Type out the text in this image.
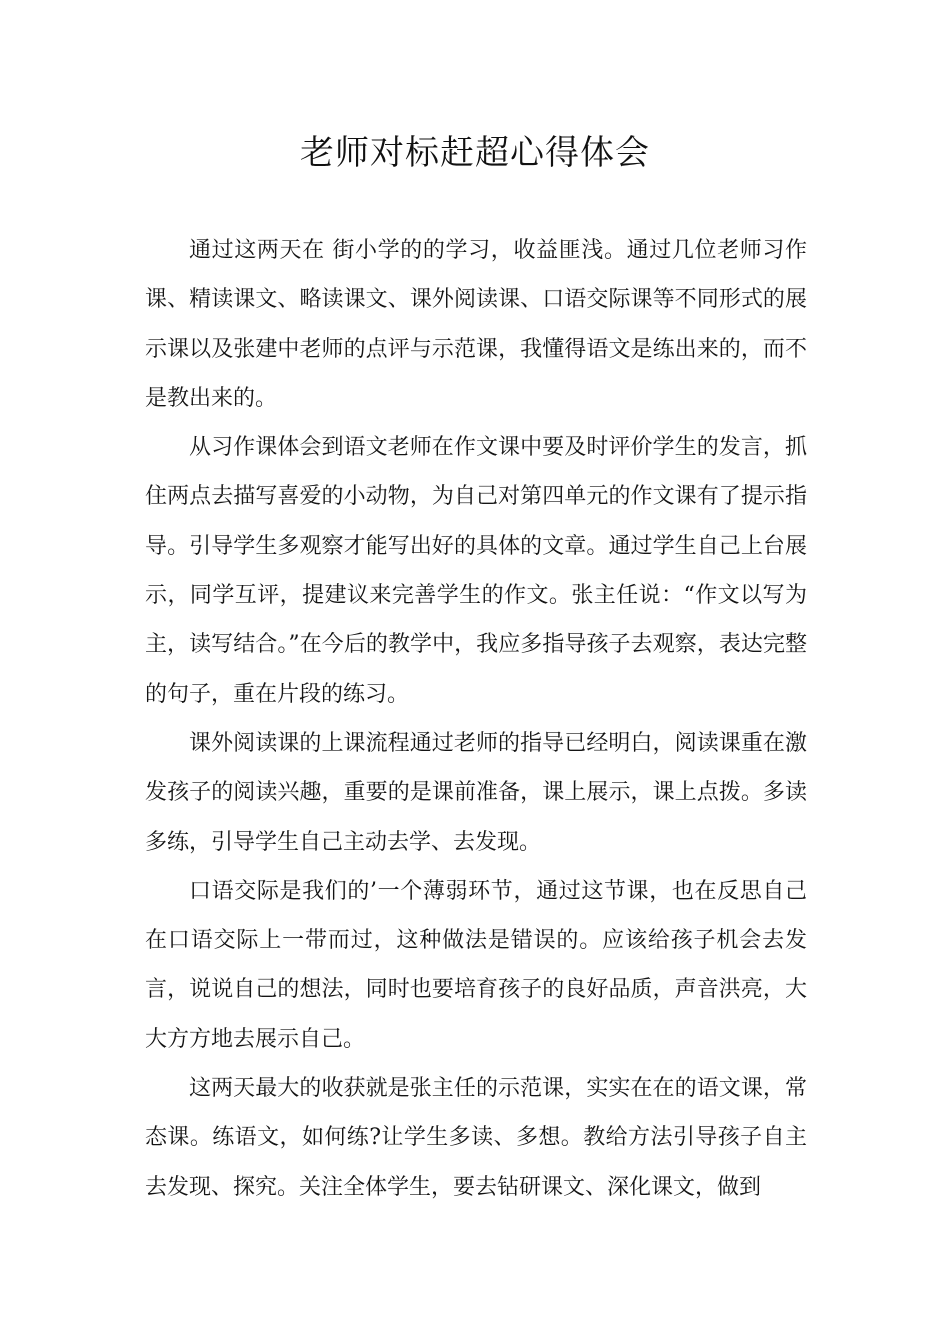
老师对标赶超心得体会

通过这两天在 街小学的的学习，收益匪浅。通过几位老师习作课、精读课文、略读课文、课外阅读课、口语交际课等不同形式的展示课以及张建中老师的点评与示范课，我懂得语文是练出来的，而不是教出来的。

从习作课体会到语文老师在作文课中要及时评价学生的发言，抓住两点去描写喜爱的小动物，为自己对第四单元的作文课有了提示指导。引导学生多观察才能写出好的具体的文章。通过学生自己上台展示，同学互评，提建议来完善学生的作文。张主任说：“作文以写为主，读写结合。”在今后的教学中，我应多指导孩子去观察，表达完整的句子，重在片段的练习。

课外阅读课的上课流程通过老师的指导已经明白，阅读课重在激发孩子的阅读兴趣，重要的是课前准备，课上展示，课上点拨。多读多练，引导学生自己主动去学、去发现。

口语交际是我们的’一个薄弱环节，通过这节课，也在反思自己在口语交际上一带而过，这种做法是错误的。应该给孩子机会去发言，说说自己的想法，同时也要培育孩子的良好品质，声音洪亮，大大方方地去展示自己。

这两天最大的收获就是张主任的示范课，实实在在的语文课，常态课。练语文，如何练?让学生多读、多想。教给方法引导孩子自主去发现、探究。关注全体学生，要去钻研课文、深化课文，做到
